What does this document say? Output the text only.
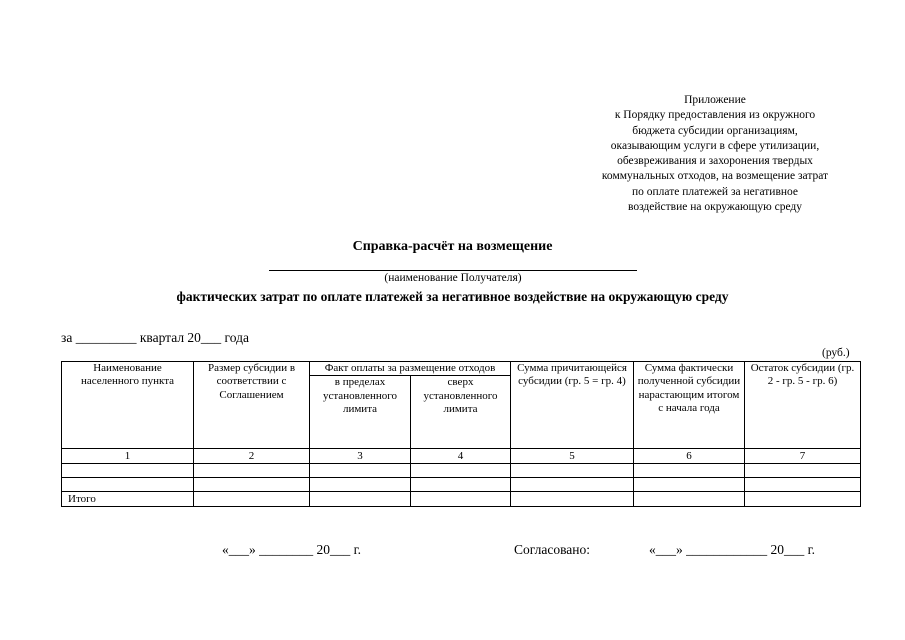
Приложение
к Порядку предоставления из окружного
бюджета субсидии организациям,
оказывающим услуги в сфере утилизации,
обезвреживания и захоронения твердых
коммунальных отходов, на возмещение затрат
по оплате платежей за негативное
воздействие на окружающую среду
Справка-расчёт на возмещение
(наименование Получателя)
фактических затрат по оплате платежей за негативное воздействие на окружающую среду
за _________ квартал 20___ года
(руб.)
Наименование населенного пункта	Размер субсидии в соответствии с Соглашением	Факт оплаты за размещение отходов		Сумма причитающейся субсидии (гр. 5 = гр. 4)	Сумма фактически полученной субсидии нарастающим итогом с начала года	Остаток субсидии (гр. 2 - гр. 5 - гр. 6)
		в пределах установленного лимита	сверх установленного лимита			
1	2	3	4	5	6	7

Итого						
«___» ________ 20___ г.	Согласовано:	«___» ____________ 20___ г.
